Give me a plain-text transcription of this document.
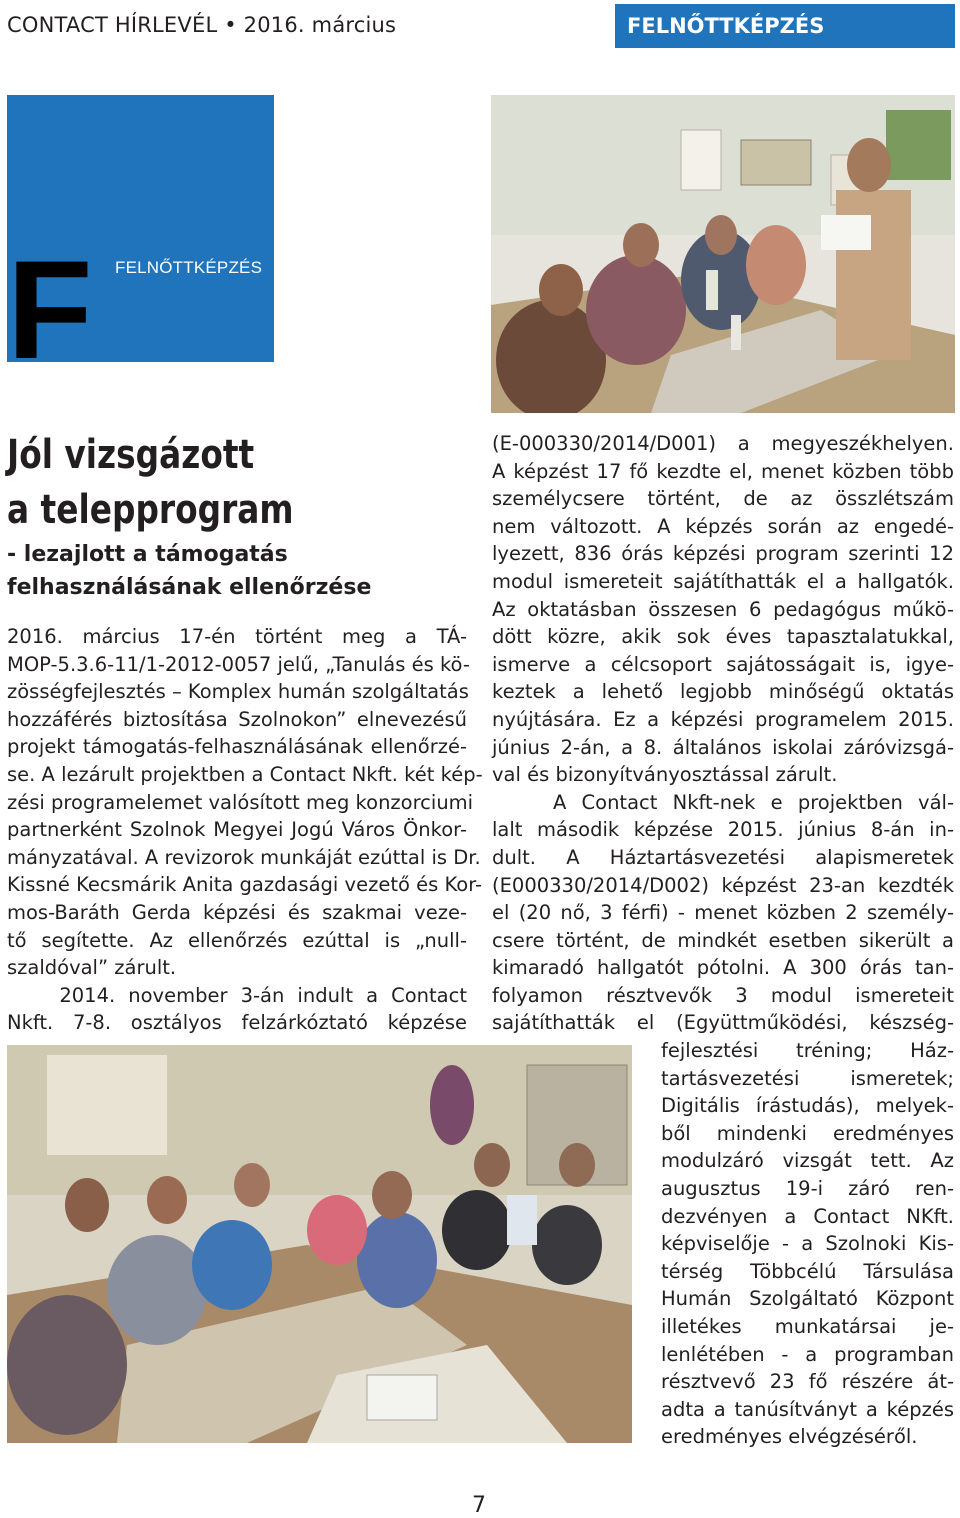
CONTACT HÍRLEVÉL • 2016. március	FELNŐTTKÉPZÉS
F FELNŐTTKÉPZÉS
Jól vizsgázott
a telepprogram
- lezajlott a támogatás
felhasználásának ellenőrzése
2016. március 17-én történt meg a TÁ-
MOP-5.3.6-11/1-2012-0057 jelű, „Tanulás és kö-
zösségfejlesztés – Komplex humán szolgáltatás
hozzáférés biztosítása Szolnokon” elnevezésű
projekt támogatás-felhasználásának ellenőrzé-
se. A lezárult projektben a Contact Nkft. két kép-
zési programelemet valósított meg konzorciumi
partnerként Szolnok Megyei Jogú Város Önkor-
mányzatával. A revizorok munkáját ezúttal is Dr.
Kissné Kecsmárik Anita gazdasági vezető és Kor-
mos-Baráth Gerda képzési és szakmai veze-
tő segítette. Az ellenőrzés ezúttal is „null-
szaldóval” zárult.
2014. november 3-án indult a Contact
Nkft. 7-8. osztályos felzárkóztató képzése
(E-000330/2014/D001) a megyeszékhelyen.
A képzést 17 fő kezdte el, menet közben több
személycsere történt, de az összlétszám
nem változott. A képzés során az engedé-
lyezett, 836 órás képzési program szerinti 12
modul ismereteit sajátíthatták el a hallgatók.
Az oktatásban összesen 6 pedagógus műkö-
dött közre, akik sok éves tapasztalatukkal,
ismerve a célcsoport sajátosságait is, igye-
keztek a lehető legjobb minőségű oktatás
nyújtására. Ez a képzési programelem 2015.
június 2-án, a 8. általános iskolai záróvizsgá-
val és bizonyítványosztással zárult.
A Contact Nkft-nek e projektben vál-
lalt második képzése 2015. június 8-án in-
dult. A Háztartásvezetési alapismeretek
(E000330/2014/D002) képzést 23-an kezdték
el (20 nő, 3 férfi) - menet közben 2 személy-
csere történt, de mindkét esetben sikerült a
kimaradó hallgatót pótolni. A 300 órás tan-
folyamon résztvevők 3 modul ismereteit
sajátíthatták el (Együttműködési, készség-
fejlesztési tréning; Ház-
tartásvezetési ismeretek;
Digitális írástudás), melyek-
ből mindenki eredményes
modulzáró vizsgát tett. Az
augusztus 19-i záró ren-
dezvényen a Contact NKft.
képviselője - a Szolnoki Kis-
térség Többcélú Társulása
Humán Szolgáltató Központ
illetékes munkatársai je-
lenlétében - a programban
résztvevő 23 fő részére át-
adta a tanúsítványt a képzés
eredményes elvégzéséről.
7
